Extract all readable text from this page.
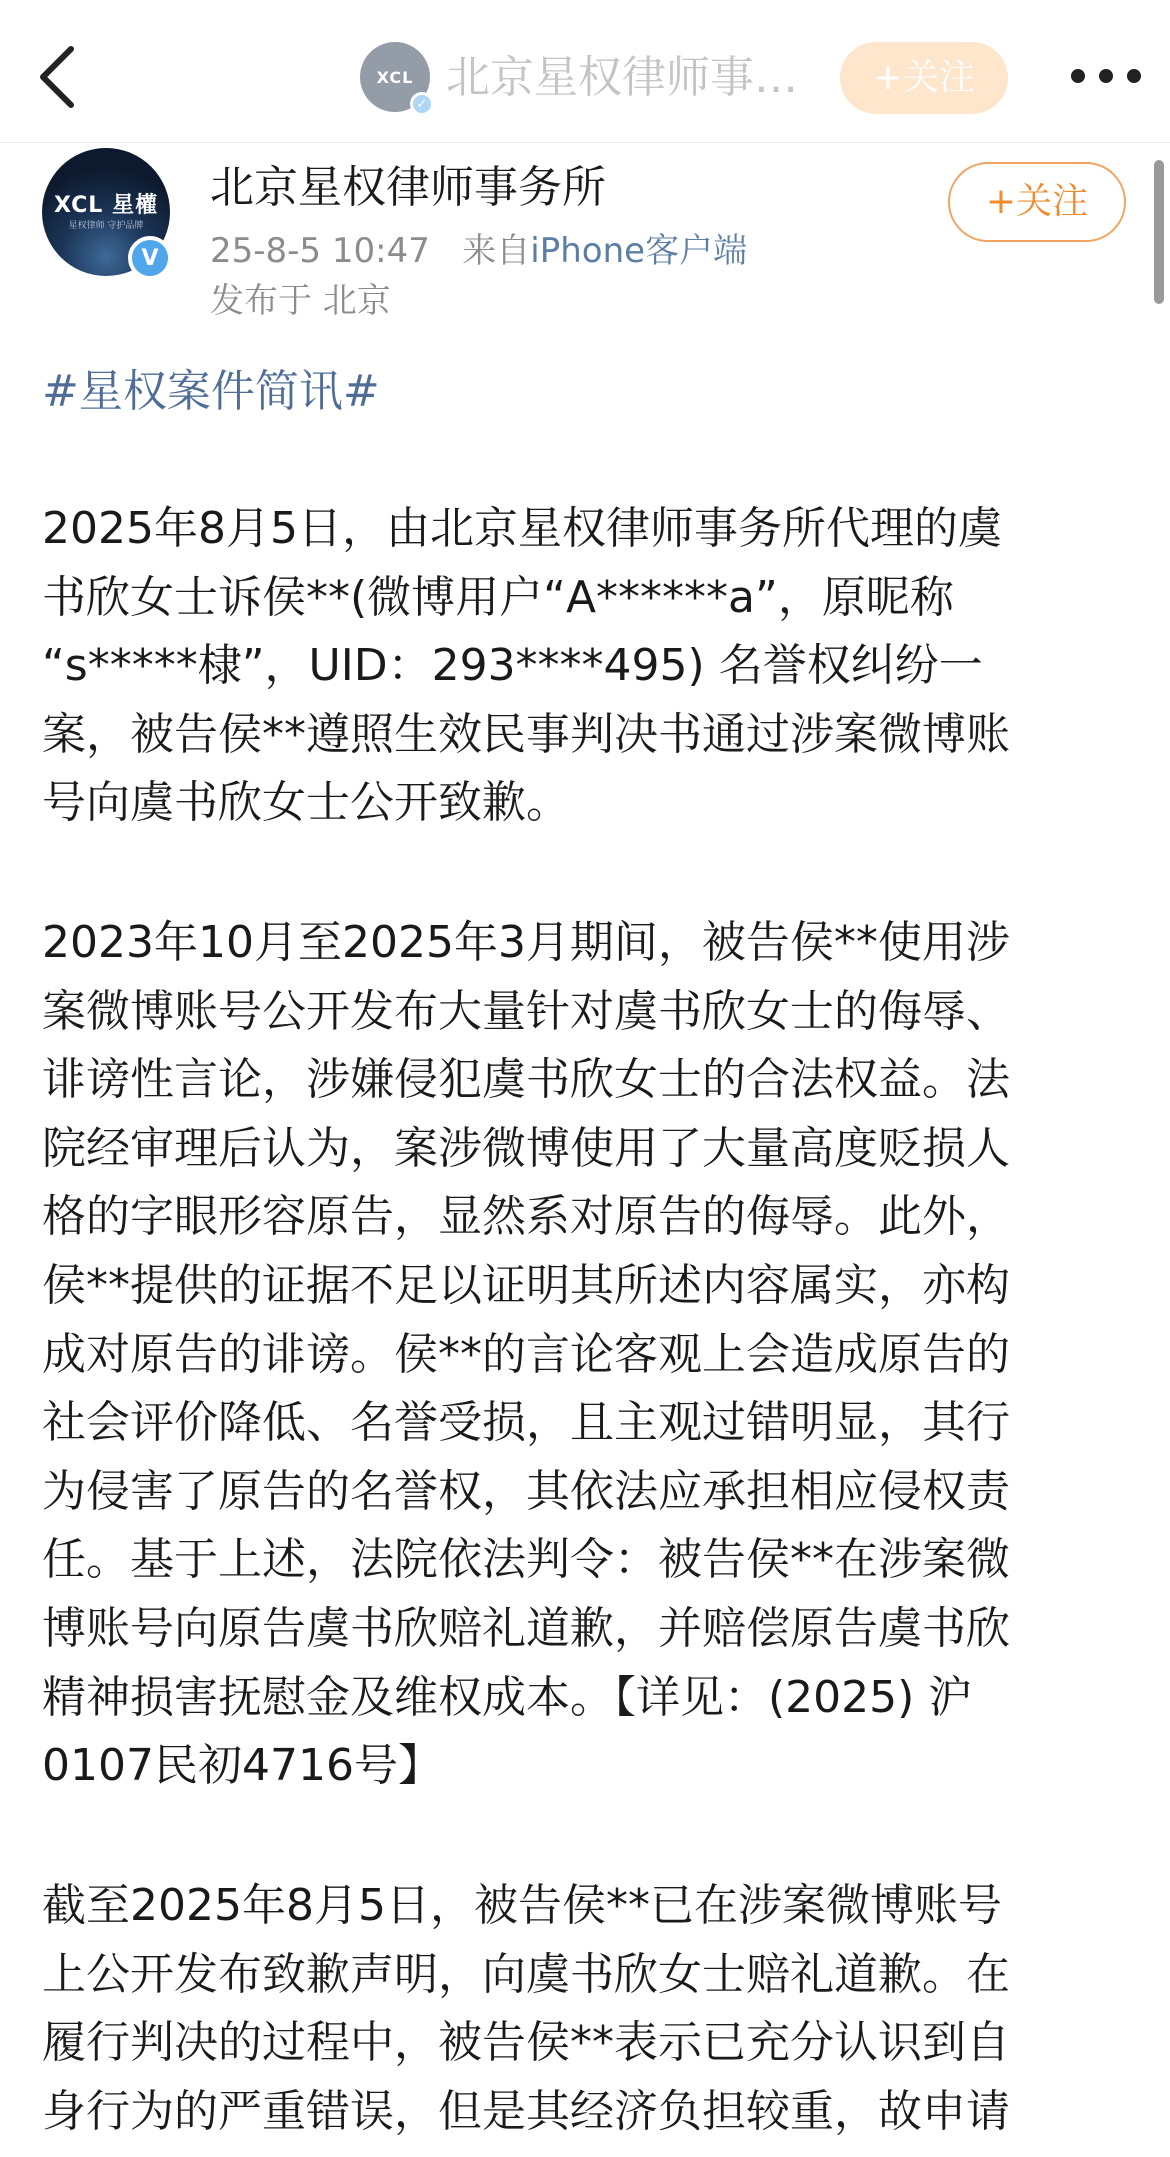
XCL
✓
北京星权律师事…	+关注
XCL 星權
星权律师 守护品牌
V
北京星权律师事务所
25-8-5 10:47 来自iPhone客户端
发布于 北京
+关注
#星权案件简讯#
2025年8月5日，由北京星权律师事务所代理的虞
书欣女士诉侯**(微博用户“A******a”，原昵称
“s*****棣”，UID：293****495) 名誉权纠纷一
案，被告侯**遵照生效民事判决书通过涉案微博账
号向虞书欣女士公开致歉。
2023年10月至2025年3月期间，被告侯**使用涉
案微博账号公开发布大量针对虞书欣女士的侮辱、
诽谤性言论，涉嫌侵犯虞书欣女士的合法权益。法
院经审理后认为，案涉微博使用了大量高度贬损人
格的字眼形容原告，显然系对原告的侮辱。此外，
侯**提供的证据不足以证明其所述内容属实，亦构
成对原告的诽谤。侯**的言论客观上会造成原告的
社会评价降低、名誉受损，且主观过错明显，其行
为侵害了原告的名誉权，其依法应承担相应侵权责
任。基于上述，法院依法判令：被告侯**在涉案微
博账号向原告虞书欣赔礼道歉，并赔偿原告虞书欣
精神损害抚慰金及维权成本。【详见：(2025) 沪
0107民初4716号】
截至2025年8月5日，被告侯**已在涉案微博账号
上公开发布致歉声明，向虞书欣女士赔礼道歉。在
履行判决的过程中，被告侯**表示已充分认识到自
身行为的严重错误，但是其经济负担较重，故申请
